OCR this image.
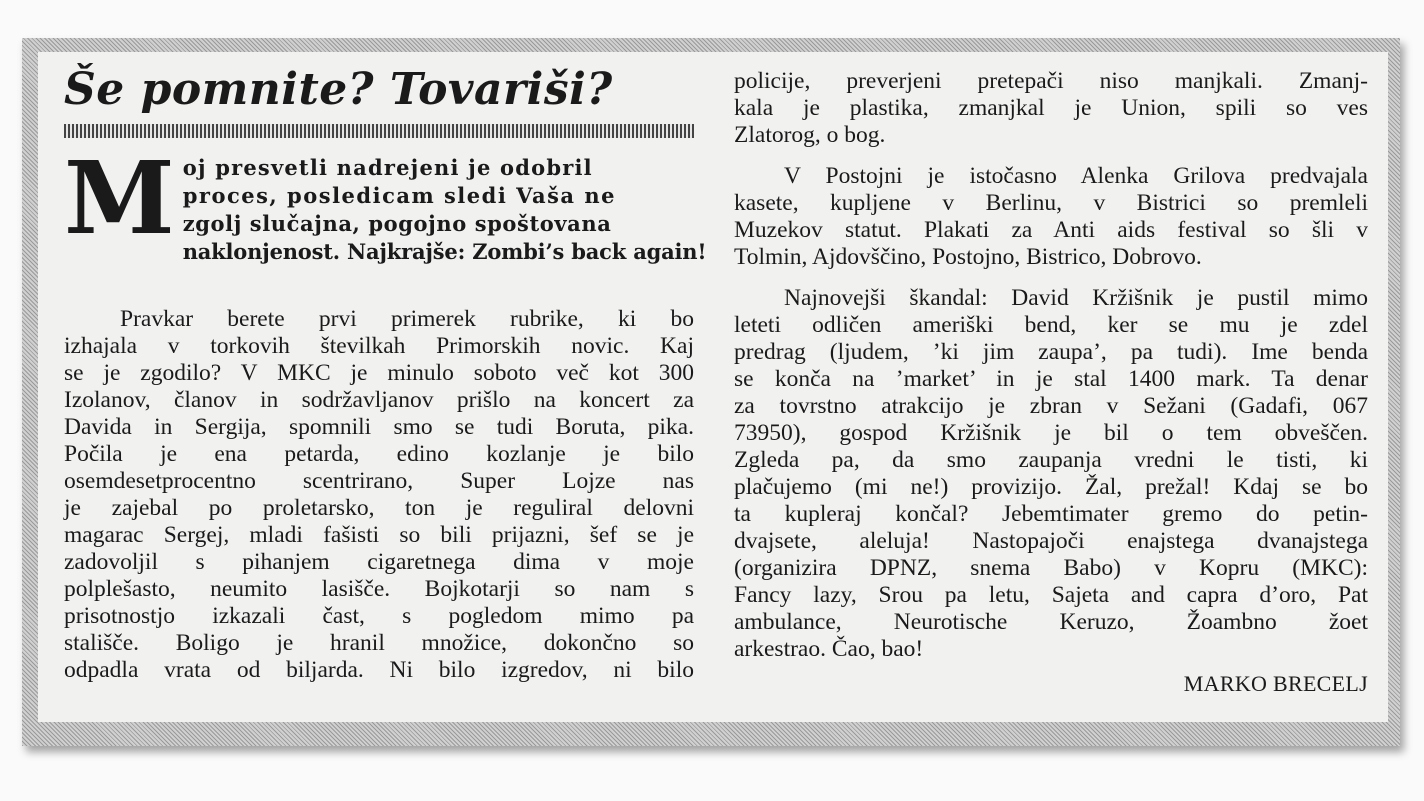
Še pomnite? Tovariši?
M oj presvetli nadrejeni je odobril
proces, posledicam sledi Vaša ne
zgolj slučajna, pogojno spoštovana
naklonjenost. Najkrajše: Zombi’s back again!
Pravkar berete prvi primerek rubrike, ki bo
izhajala v torkovih številkah Primorskih novic. Kaj
se je zgodilo? V MKC je minulo soboto več kot 300
Izolanov, članov in sodržavljanov prišlo na koncert za
Davida in Sergija, spomnili smo se tudi Boruta, pika.
Počila je ena petarda, edino kozlanje je bilo
osemdesetprocentno scentrirano, Super Lojze nas
je zajebal po proletarsko, ton je reguliral delovni
magarac Sergej, mladi fašisti so bili prijazni, šef se je
zadovoljil s pihanjem cigaretnega dima v moje
polplešasto, neumito lasišče. Bojkotarji so nam s
prisotnostjo izkazali čast, s pogledom mimo pa
stališče. Boligo je hranil množice, dokončno so
odpadla vrata od biljarda. Ni bilo izgredov, ni bilo
policije, preverjeni pretepači niso manjkali. Zmanj-
kala je plastika, zmanjkal je Union, spili so ves
Zlatorog, o bog.
V Postojni je istočasno Alenka Grilova predvajala
kasete, kupljene v Berlinu, v Bistrici so premleli
Muzekov statut. Plakati za Anti aids festival so šli v
Tolmin, Ajdovščino, Postojno, Bistrico, Dobrovo.
Najnovejši škandal: David Kržišnik je pustil mimo
leteti odličen ameriški bend, ker se mu je zdel
predrag (ljudem, ’ki jim zaupa’, pa tudi). Ime benda
se konča na ’market’ in je stal 1400 mark. Ta denar
za tovrstno atrakcijo je zbran v Sežani (Gadafi, 067
73950), gospod Kržišnik je bil o tem obveščen.
Zgleda pa, da smo zaupanja vredni le tisti, ki
plačujemo (mi ne!) provizijo. Žal, prežal! Kdaj se bo
ta kupleraj končal? Jebemtimater gremo do petin-
dvajsete, aleluja! Nastopajoči enajstega dvanajstega
(organizira DPNZ, snema Babo) v Kopru (MKC):
Fancy lazy, Srou pa letu, Sajeta and capra d’oro, Pat
ambulance, Neurotische Keruzo, Žoambno žoet
arkestrao. Čao, bao!
MARKO BRECELJ
